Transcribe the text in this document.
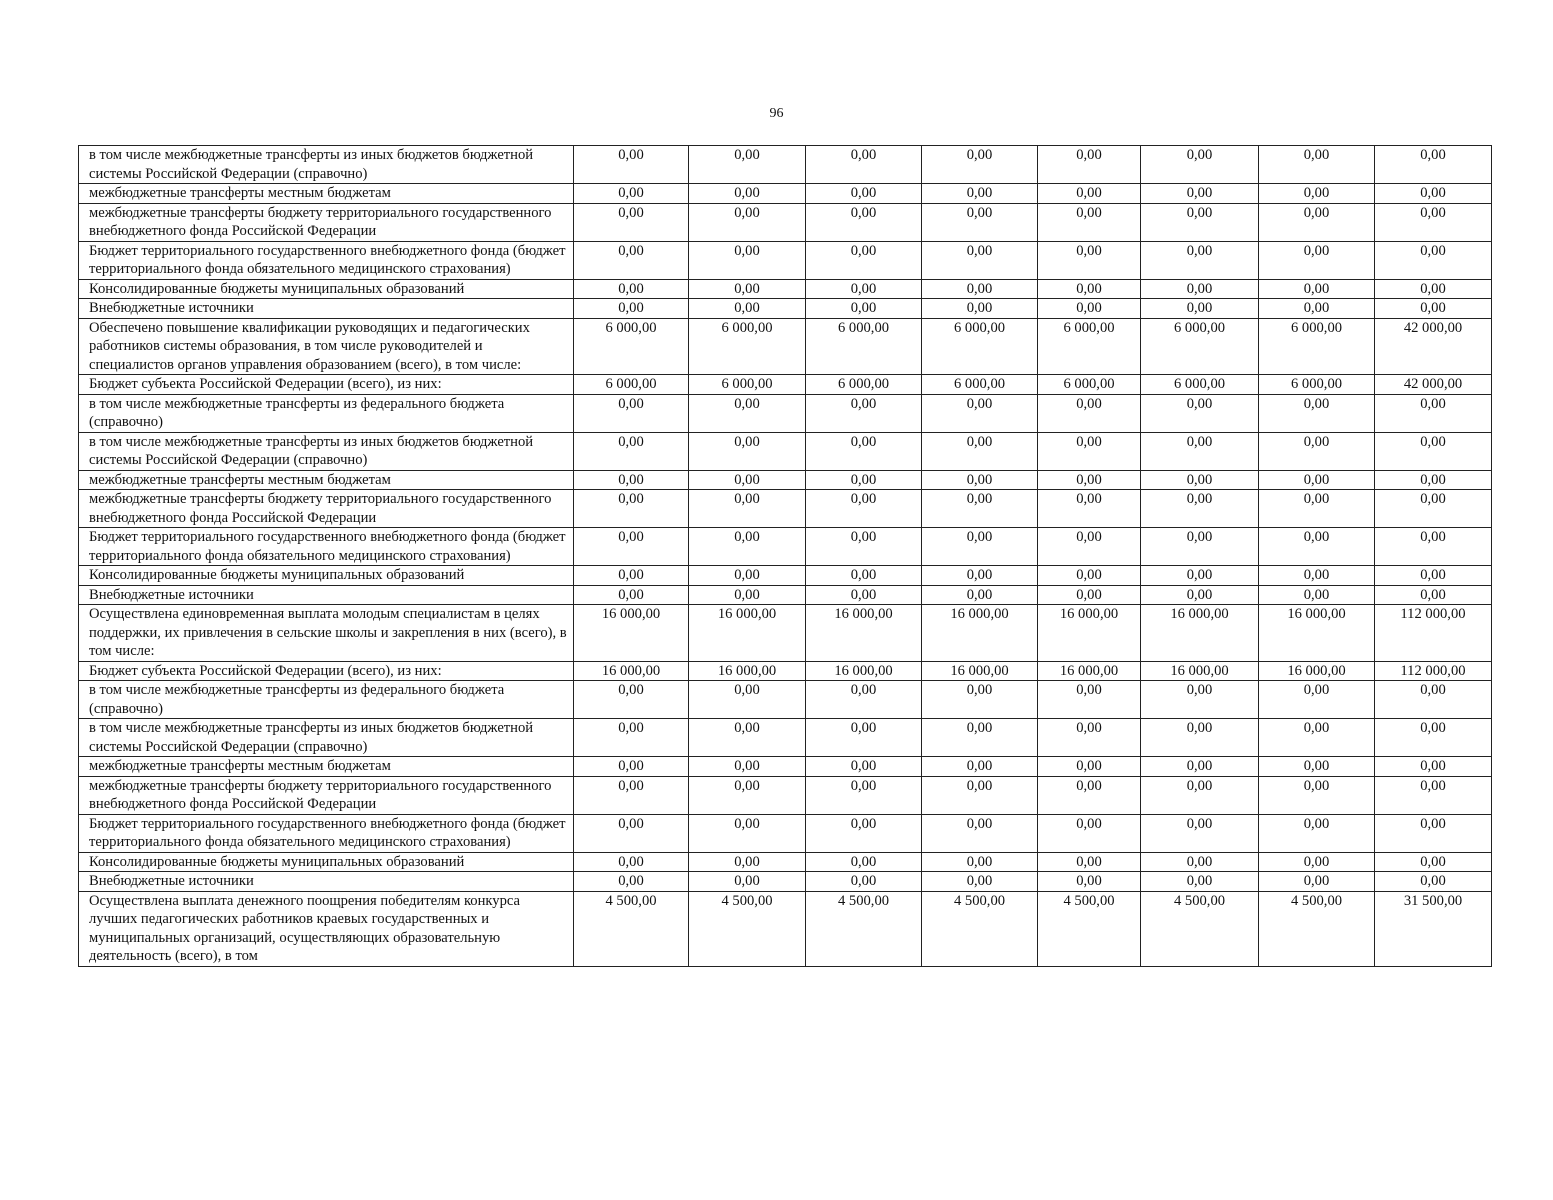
96
в том числе межбюджетные трансферты из иных бюджетов бюджетной системы Российской Федерации (справочно)	0,00	0,00	0,00	0,00	0,00	0,00	0,00	0,00
межбюджетные трансферты местным бюджетам	0,00	0,00	0,00	0,00	0,00	0,00	0,00	0,00
межбюджетные трансферты бюджету территориального государственного внебюджетного фонда Российской Федерации	0,00	0,00	0,00	0,00	0,00	0,00	0,00	0,00
Бюджет территориального государственного внебюджетного фонда (бюджет территориального фонда обязательного медицинского страхования)	0,00	0,00	0,00	0,00	0,00	0,00	0,00	0,00
Консолидированные бюджеты муниципальных образований	0,00	0,00	0,00	0,00	0,00	0,00	0,00	0,00
Внебюджетные источники	0,00	0,00	0,00	0,00	0,00	0,00	0,00	0,00
Обеспечено повышение квалификации руководящих и педагогических работников системы образования, в том числе руководителей и специалистов органов управления образованием (всего), в том числе:	6 000,00	6 000,00	6 000,00	6 000,00	6 000,00	6 000,00	6 000,00	42 000,00
Бюджет субъекта Российской Федерации (всего), из них:	6 000,00	6 000,00	6 000,00	6 000,00	6 000,00	6 000,00	6 000,00	42 000,00
в том числе межбюджетные трансферты из федерального бюджета (справочно)	0,00	0,00	0,00	0,00	0,00	0,00	0,00	0,00
в том числе межбюджетные трансферты из иных бюджетов бюджетной системы Российской Федерации (справочно)	0,00	0,00	0,00	0,00	0,00	0,00	0,00	0,00
межбюджетные трансферты местным бюджетам	0,00	0,00	0,00	0,00	0,00	0,00	0,00	0,00
межбюджетные трансферты бюджету территориального государственного внебюджетного фонда Российской Федерации	0,00	0,00	0,00	0,00	0,00	0,00	0,00	0,00
Бюджет территориального государственного внебюджетного фонда (бюджет территориального фонда обязательного медицинского страхования)	0,00	0,00	0,00	0,00	0,00	0,00	0,00	0,00
Консолидированные бюджеты муниципальных образований	0,00	0,00	0,00	0,00	0,00	0,00	0,00	0,00
Внебюджетные источники	0,00	0,00	0,00	0,00	0,00	0,00	0,00	0,00
Осуществлена единовременная выплата молодым специалистам в целях поддержки, их привлечения в сельские школы и закрепления в них (всего), в том числе:	16 000,00	16 000,00	16 000,00	16 000,00	16 000,00	16 000,00	16 000,00	112 000,00
Бюджет субъекта Российской Федерации (всего), из них:	16 000,00	16 000,00	16 000,00	16 000,00	16 000,00	16 000,00	16 000,00	112 000,00
в том числе межбюджетные трансферты из федерального бюджета (справочно)	0,00	0,00	0,00	0,00	0,00	0,00	0,00	0,00
в том числе межбюджетные трансферты из иных бюджетов бюджетной системы Российской Федерации (справочно)	0,00	0,00	0,00	0,00	0,00	0,00	0,00	0,00
межбюджетные трансферты местным бюджетам	0,00	0,00	0,00	0,00	0,00	0,00	0,00	0,00
межбюджетные трансферты бюджету территориального государственного внебюджетного фонда Российской Федерации	0,00	0,00	0,00	0,00	0,00	0,00	0,00	0,00
Бюджет территориального государственного внебюджетного фонда (бюджет территориального фонда обязательного медицинского страхования)	0,00	0,00	0,00	0,00	0,00	0,00	0,00	0,00
Консолидированные бюджеты муниципальных образований	0,00	0,00	0,00	0,00	0,00	0,00	0,00	0,00
Внебюджетные источники	0,00	0,00	0,00	0,00	0,00	0,00	0,00	0,00
Осуществлена выплата денежного поощрения победителям конкурса лучших педагогических работников краевых государственных и муниципальных организаций, осуществляющих образовательную деятельность (всего), в том	4 500,00	4 500,00	4 500,00	4 500,00	4 500,00	4 500,00	4 500,00	31 500,00
